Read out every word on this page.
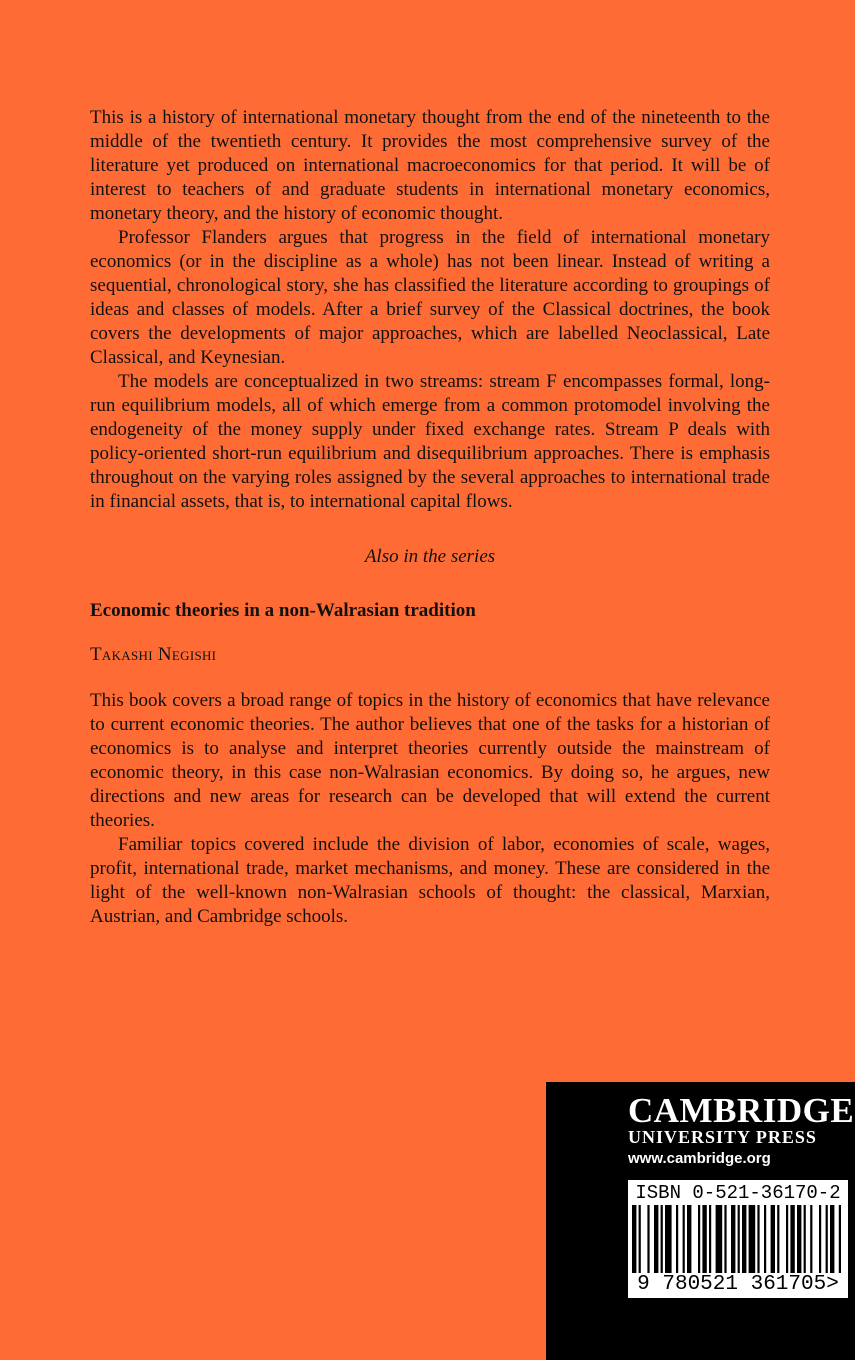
This is a history of international monetary thought from the end of the nineteenth to the middle of the twentieth century. It provides the most comprehensive survey of the literature yet produced on international macroeconomics for that period. It will be of interest to teachers of and graduate students in international monetary economics, monetary theory, and the history of economic thought.

Professor Flanders argues that progress in the field of international monetary economics (or in the discipline as a whole) has not been linear. Instead of writing a sequential, chronological story, she has classified the literature according to groupings of ideas and classes of models. After a brief survey of the Classical doctrines, the book covers the developments of major approaches, which are labelled Neoclassical, Late Classical, and Keynesian.

The models are conceptualized in two streams: stream F encompasses formal, long-run equilibrium models, all of which emerge from a common protomodel involving the endogeneity of the money supply under fixed exchange rates. Stream P deals with policy-oriented short-run equilibrium and disequilibrium approaches. There is emphasis throughout on the varying roles assigned by the several approaches to international trade in financial assets, that is, to international capital flows.

Also in the series

Economic theories in a non-Walrasian tradition

Takashi Negishi

This book covers a broad range of topics in the history of economics that have relevance to current economic theories. The author believes that one of the tasks for a historian of economics is to analyse and interpret theories currently outside the mainstream of economic theory, in this case non-Walrasian economics. By doing so, he argues, new directions and new areas for research can be developed that will extend the current theories.

Familiar topics covered include the division of labor, economies of scale, wages, profit, international trade, market mechanisms, and money. These are considered in the light of the well-known non-Walrasian schools of thought: the classical, Marxian, Austrian, and Cambridge schools.

CAMBRIDGE
UNIVERSITY PRESS
www.cambridge.org
ISBN 0-521-36170-2
9 780521 361705>
